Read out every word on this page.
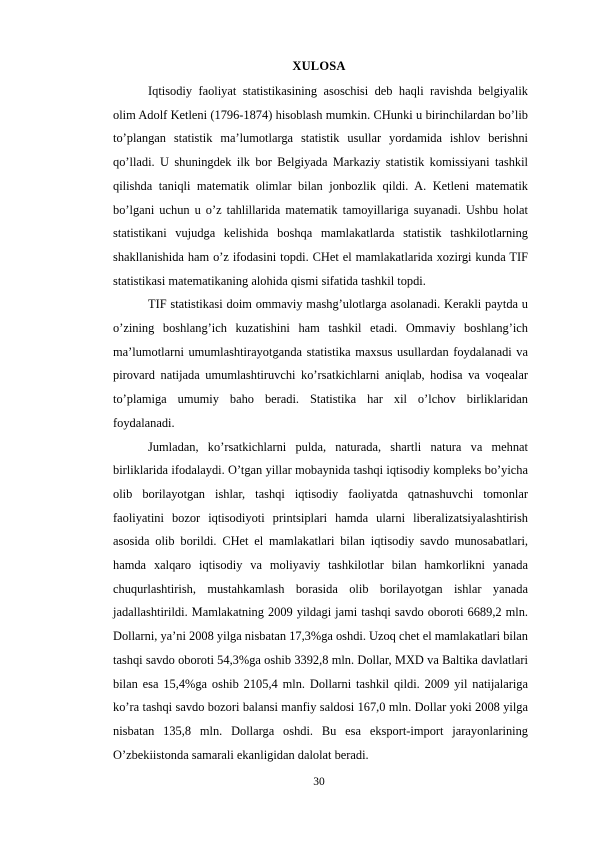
XULOSA

Iqtisodiy faoliyat statistikasining asoschisi deb haqli ravishda belgiyalik olim Adolf Ketleni (1796-1874) hisoblash mumkin. CHunki u birinchilardan bo’lib to’plangan statistik ma’lumotlarga statistik usullar yordamida ishlov berishni qo’lladi. U shuningdek ilk bor Belgiyada Markaziy statistik komissiyani tashkil qilishda taniqli matematik olimlar bilan jonbozlik qildi. A. Ketleni matematik bo’lgani uchun u o’z tahlillarida matematik tamoyillariga suyanadi. Ushbu holat statistikani vujudga kelishida boshqa mamlakatlarda statistik tashkilotlarning shakllanishida ham o’z ifodasini topdi. CHet el mamlakatlarida xozirgi kunda TIF statistikasi matematikaning alohida qismi sifatida tashkil topdi.

TIF statistikasi doim ommaviy mashg’ulotlarga asolanadi. Kerakli paytda u o’zining boshlang’ich kuzatishini ham tashkil etadi. Ommaviy boshlang’ich ma’lumotlarni umumlashtirayotganda statistika maxsus usullardan foydalanadi va pirovard natijada umumlashtiruvchi ko’rsatkichlarni aniqlab, hodisa va voqealar to’plamiga umumiy baho beradi. Statistika har xil o’lchov birliklaridan foydalanadi.

Jumladan, ko’rsatkichlarni pulda, naturada, shartli natura va mehnat birliklarida ifodalaydi. O’tgan yillar mobaynida tashqi iqtisodiy kompleks bo’yicha olib borilayotgan ishlar, tashqi iqtisodiy faoliyatda qatnashuvchi tomonlar faoliyatini bozor iqtisodiyoti printsiplari hamda ularni liberalizatsiyalashtirish asosida olib borildi. CHet el mamlakatlari bilan iqtisodiy savdo munosabatlari, hamda xalqaro iqtisodiy va moliyaviy tashkilotlar bilan hamkorlikni yanada chuqurlashtirish, mustahkamlash borasida olib borilayotgan ishlar yanada jadallashtirildi. Mamlakatning 2009 yildagi jami tashqi savdo oboroti 6689,2 mln. Dollarni, ya’ni 2008 yilga nisbatan 17,3%ga oshdi. Uzoq chet el mamlakatlari bilan tashqi savdo oboroti 54,3%ga oshib 3392,8 mln. Dollar, MXD va Baltika davlatlari bilan esa 15,4%ga oshib 2105,4 mln. Dollarni tashkil qildi. 2009 yil natijalariga ko’ra tashqi savdo bozori balansi manfiy saldosi 167,0 mln. Dollar yoki 2008 yilga nisbatan 135,8 mln. Dollarga oshdi. Bu esa eksport-import jarayonlarining O’zbekiistonda samarali ekanligidan dalolat beradi.

30
